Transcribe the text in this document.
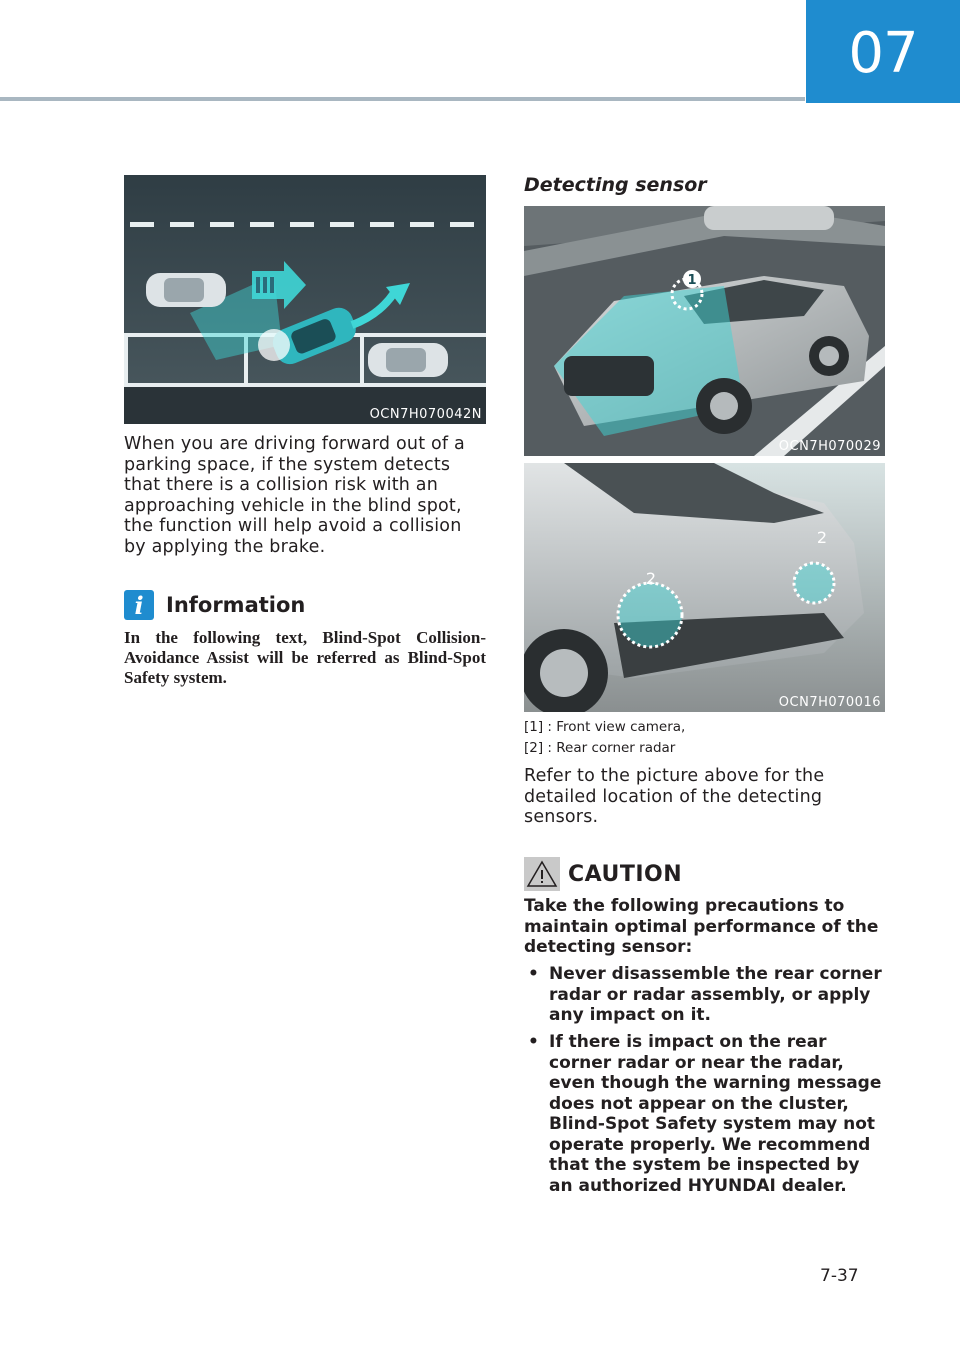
07
OCN7H070042N
When you are driving forward out of a parking space, if the system detects that there is a collision risk with an approaching vehicle in the blind spot, the function will help avoid a collision by applying the brake.
i	Information
In the following text, Blind-Spot Collision-Avoidance Assist will be referred as Blind-Spot Safety system.
Detecting sensor
1
OCN7H070029
2
2
OCN7H070016
[1] : Front view camera,
[2] : Rear corner radar
Refer to the picture above for the detailed location of the detecting sensors.
CAUTION
Take the following precautions to maintain optimal performance of the detecting sensor:
• Never disassemble the rear corner radar or radar assembly, or apply any impact on it.
• If there is impact on the rear corner radar or near the radar, even though the warning message does not appear on the cluster, Blind-Spot Safety system may not operate properly. We recommend that the system be inspected by an authorized HYUNDAI dealer.
7-37
